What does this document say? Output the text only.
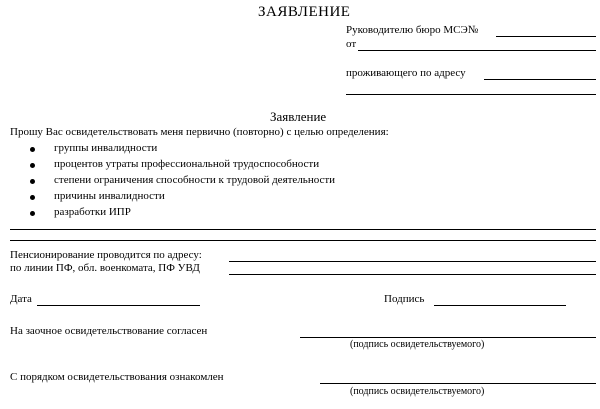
ЗАЯВЛЕНИЕ
Руководителю бюро МСЭ№
от
проживающего по адресу
Заявление
Прошу Вас освидетельствовать меня первично (повторно) с целью определения:
группы инвалидности
процентов утраты профессиональной трудоспособности
степени ограничения способности к трудовой деятельности
причины инвалидности
разработки ИПР
Пенсионирование проводится по адресу:
по линии ПФ, обл. военкомата, ПФ УВД
Дата	Подпись
На заочное освидетельствование согласен
(подпись освидетельствуемого)
С порядком освидетельствования ознакомлен
(подпись освидетельствуемого)
